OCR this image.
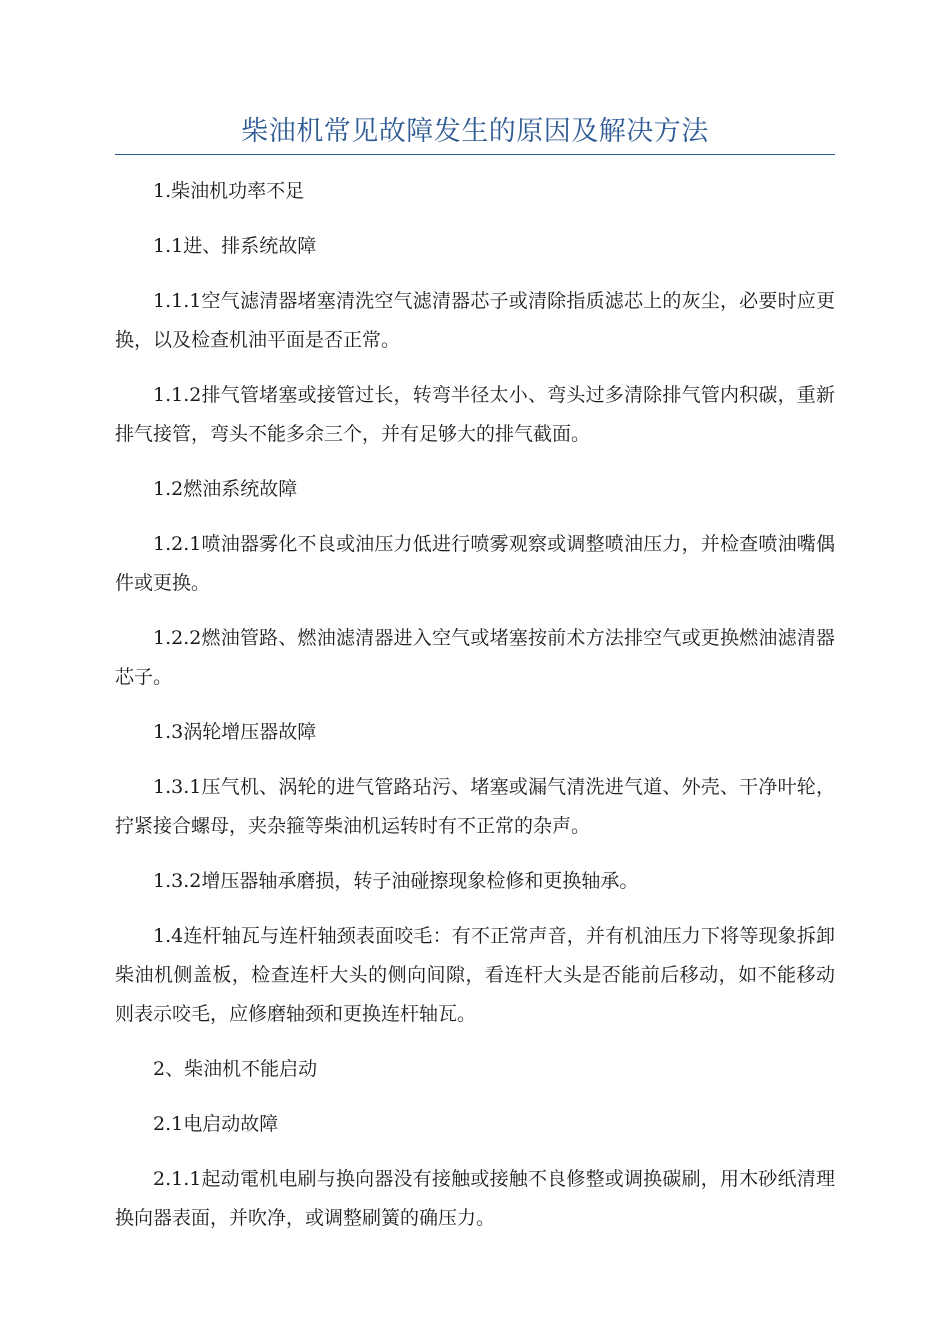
柴油机常见故障发生的原因及解决方法

1.柴油机功率不足

1.1进、排系统故障

1.1.1空气滤清器堵塞清洗空气滤清器芯子或清除指质滤芯上的灰尘，必要时应更换，以及检查机油平面是否正常。

1.1.2排气管堵塞或接管过长，转弯半径太小、弯头过多清除排气管内积碳，重新排气接管，弯头不能多余三个，并有足够大的排气截面。

1.2燃油系统故障

1.2.1喷油器雾化不良或油压力低进行喷雾观察或调整喷油压力，并检查喷油嘴偶件或更换。

1.2.2燃油管路、燃油滤清器进入空气或堵塞按前术方法排空气或更换燃油滤清器芯子。

1.3涡轮增压器故障

1.3.1压气机、涡轮的进气管路玷污、堵塞或漏气清洗进气道、外壳、干净叶轮，拧紧接合螺母，夹杂箍等柴油机运转时有不正常的杂声。

1.3.2增压器轴承磨损，转子油碰擦现象检修和更换轴承。

1.4连杆轴瓦与连杆轴颈表面咬毛：有不正常声音，并有机油压力下将等现象拆卸柴油机侧盖板，检查连杆大头的侧向间隙，看连杆大头是否能前后移动，如不能移动则表示咬毛，应修磨轴颈和更换连杆轴瓦。

2、柴油机不能启动

2.1电启动故障

2.1.1起动電机电刷与换向器没有接触或接触不良修整或调换碳刷，用木砂纸清理换向器表面，并吹净，或调整刷簧的确压力。
